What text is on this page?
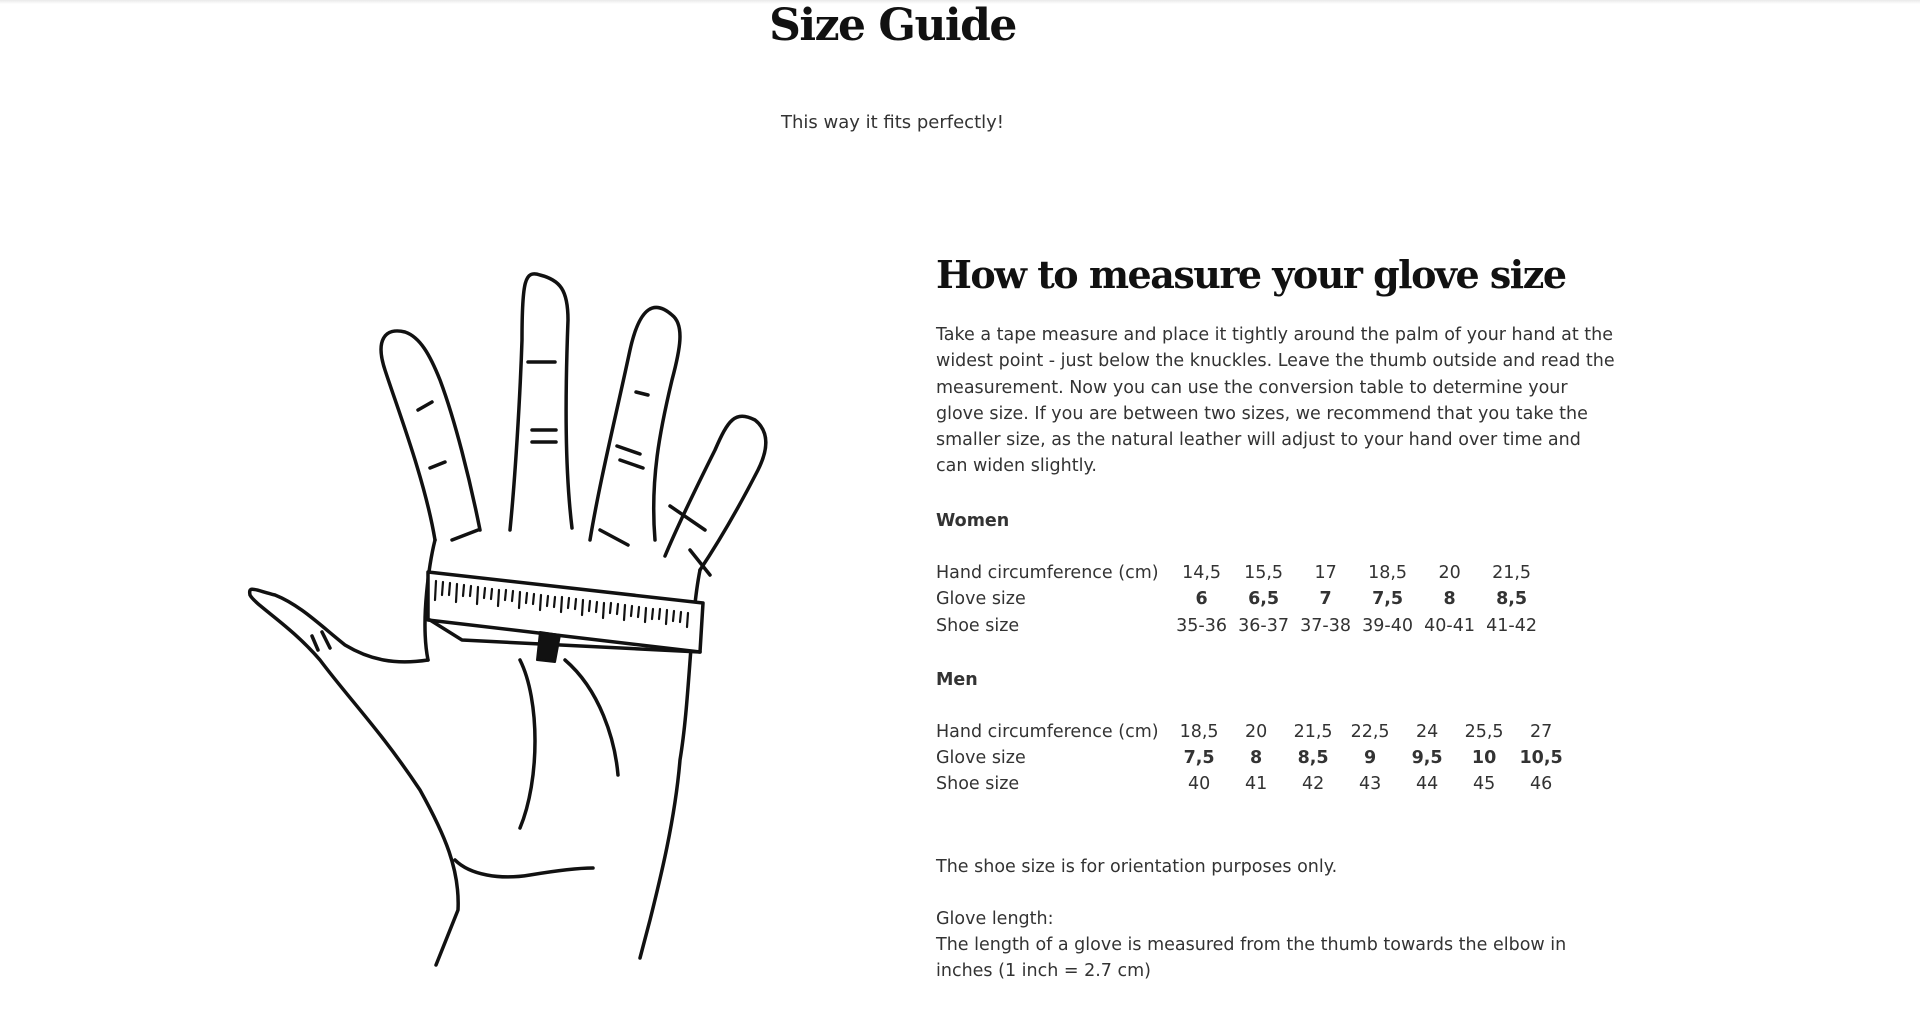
Size Guide

This way it fits perfectly!

How to measure your glove size

Take a tape measure and place it tightly around the palm of your hand at the widest point - just below the knuckles. Leave the thumb outside and read the measurement. Now you can use the conversion table to determine your glove size. If you are between two sizes, we recommend that you take the smaller size, as the natural leather will adjust to your hand over time and can widen slightly.

Women
Hand circumference (cm)	14,5	15,5	17	18,5	20	21,5
Glove size	6	6,5	7	7,5	8	8,5
Shoe size	35-36	36-37	37-38	39-40	40-41	41-42
Men
Hand circumference (cm)	18,5	20	21,5	22,5	24	25,5	27
Glove size	7,5	8	8,5	9	9,5	10	10,5
Shoe size	40	41	42	43	44	45	46

The shoe size is for orientation purposes only.

Glove length:

The length of a glove is measured from the thumb towards the elbow in inches (1 inch = 2.7 cm)
